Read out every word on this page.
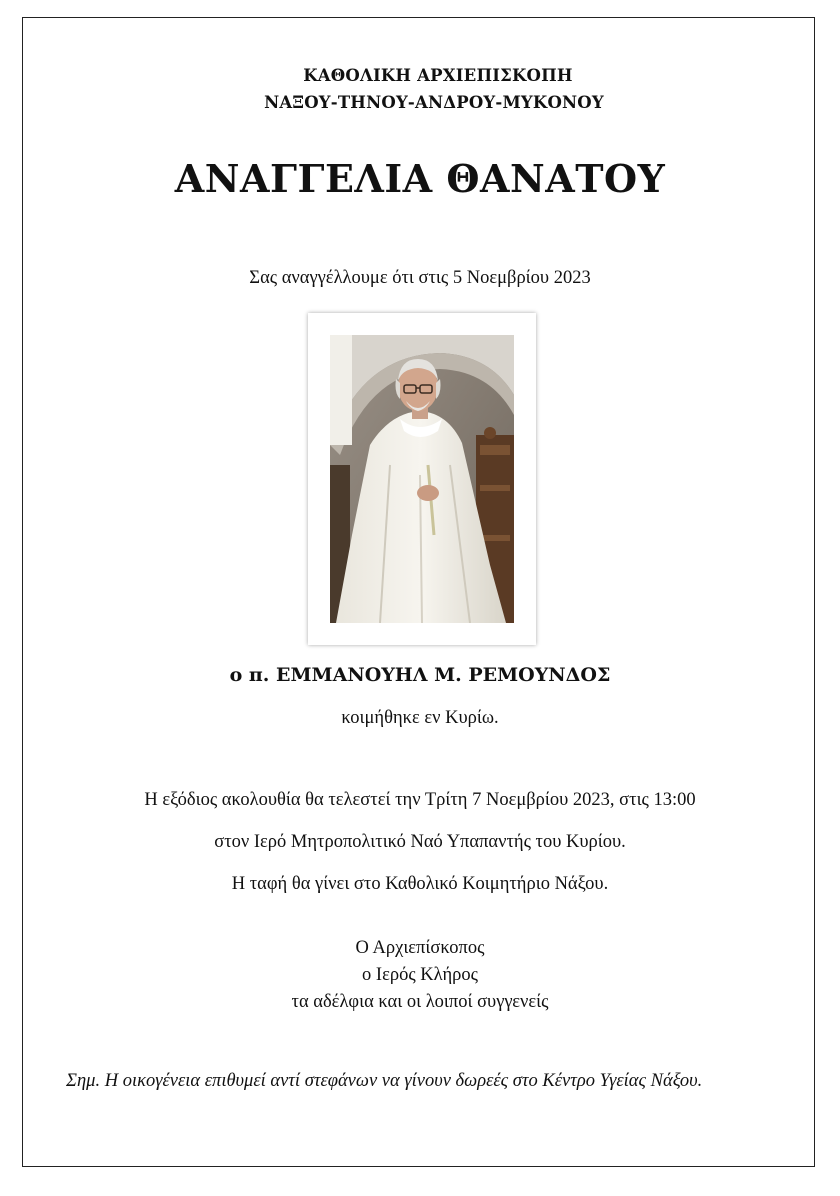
ΚΑΘΟΛΙΚΗ ΑΡΧΙΕΠΙΣΚΟΠΗ
ΝΑΞΟΥ-ΤΗΝΟΥ-ΑΝΔΡΟΥ-ΜΥΚΟΝΟΥ
ΑΝΑΓΓΕΛΙΑ ΘΑΝΑΤΟΥ
Σας αναγγέλλουμε ότι στις 5 Νοεμβρίου 2023
ο π. ΕΜΜΑΝΟΥΗΛ Μ. ΡΕΜΟΥΝΔΟΣ
κοιμήθηκε εν Κυρίω.
Η εξόδιος ακολουθία θα τελεστεί την Τρίτη 7 Νοεμβρίου 2023, στις 13:00
στον Ιερό Μητροπολιτικό Ναό Υπαπαντής του Κυρίου.
Η ταφή θα γίνει στο Καθολικό Κοιμητήριο Νάξου.
Ο Αρχιεπίσκοπος
ο Ιερός Κλήρος
τα αδέλφια και οι λοιποί συγγενείς
Σημ. Η οικογένεια επιθυμεί αντί στεφάνων να γίνουν δωρεές στο Κέντρο Υγείας Νάξου.
